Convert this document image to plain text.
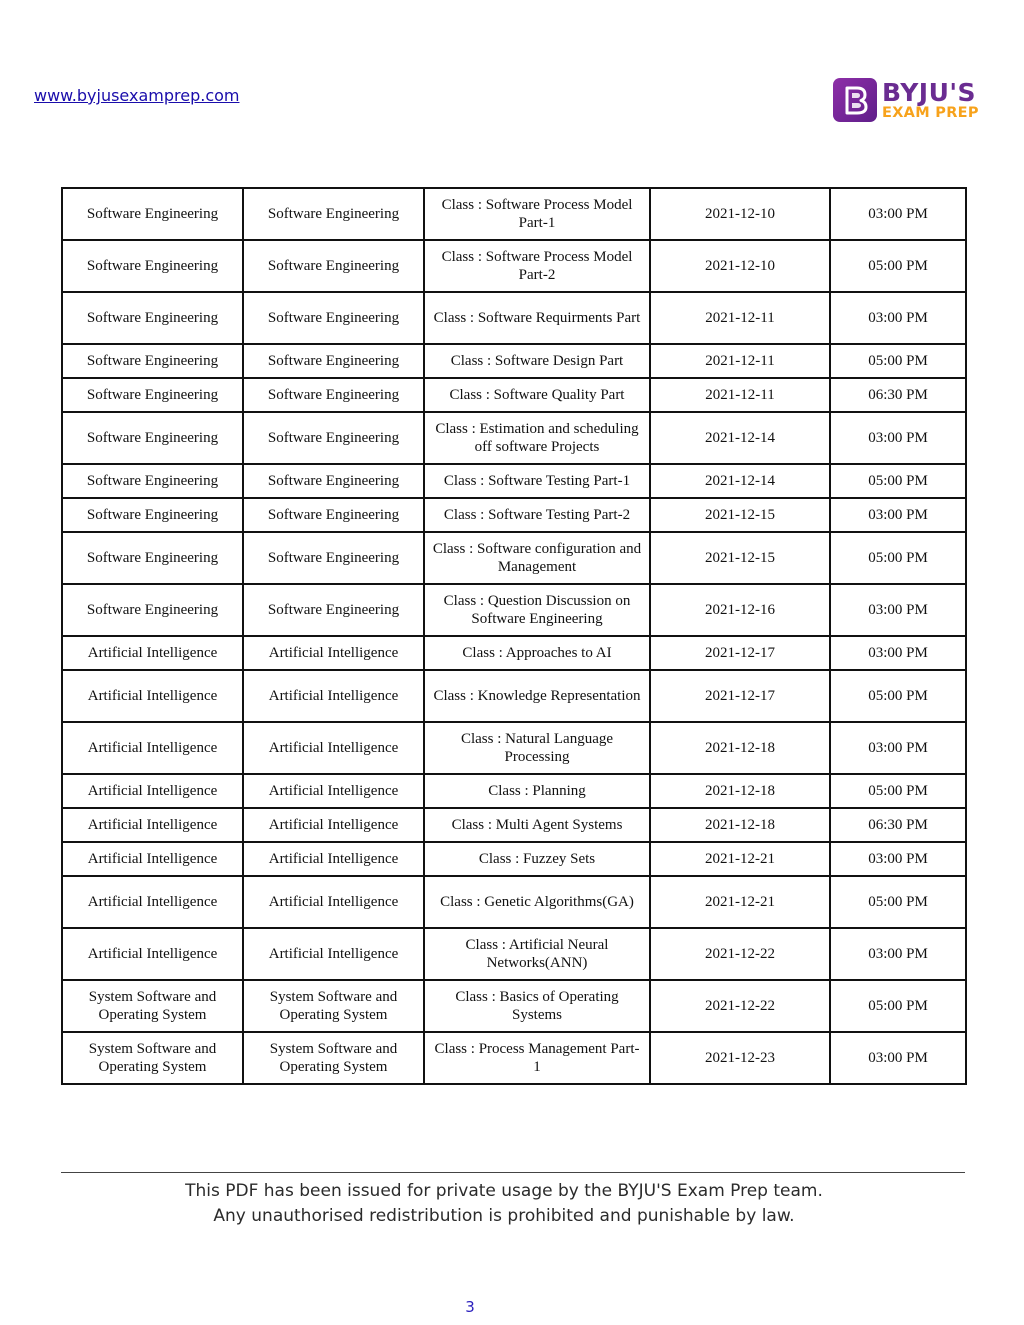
www.byjusexamprep.com	BYJU'S
EXAM PREP
Software Engineering	Software Engineering	Class : Software Process Model Part-1	2021-12-10	03:00 PM
Software Engineering	Software Engineering	Class : Software Process Model Part-2	2021-12-10	05:00 PM
Software Engineering	Software Engineering	Class : Software Requirments Part	2021-12-11	03:00 PM
Software Engineering	Software Engineering	Class : Software Design Part	2021-12-11	05:00 PM
Software Engineering	Software Engineering	Class : Software Quality Part	2021-12-11	06:30 PM
Software Engineering	Software Engineering	Class : Estimation and scheduling off software Projects	2021-12-14	03:00 PM
Software Engineering	Software Engineering	Class : Software Testing Part-1	2021-12-14	05:00 PM
Software Engineering	Software Engineering	Class : Software Testing Part-2	2021-12-15	03:00 PM
Software Engineering	Software Engineering	Class : Software configuration and Management	2021-12-15	05:00 PM
Software Engineering	Software Engineering	Class : Question Discussion on Software Engineering	2021-12-16	03:00 PM
Artificial Intelligence	Artificial Intelligence	Class : Approaches to AI	2021-12-17	03:00 PM
Artificial Intelligence	Artificial Intelligence	Class : Knowledge Representation	2021-12-17	05:00 PM
Artificial Intelligence	Artificial Intelligence	Class : Natural Language Processing	2021-12-18	03:00 PM
Artificial Intelligence	Artificial Intelligence	Class : Planning	2021-12-18	05:00 PM
Artificial Intelligence	Artificial Intelligence	Class : Multi Agent Systems	2021-12-18	06:30 PM
Artificial Intelligence	Artificial Intelligence	Class : Fuzzey Sets	2021-12-21	03:00 PM
Artificial Intelligence	Artificial Intelligence	Class : Genetic Algorithms(GA)	2021-12-21	05:00 PM
Artificial Intelligence	Artificial Intelligence	Class : Artificial Neural Networks(ANN)	2021-12-22	03:00 PM
System Software and Operating System	System Software and Operating System	Class : Basics of Operating Systems	2021-12-22	05:00 PM
System Software and Operating System	System Software and Operating System	Class : Process Management Part-1	2021-12-23	03:00 PM
This PDF has been issued for private usage by the BYJU'S Exam Prep team.
Any unauthorised redistribution is prohibited and punishable by law.
3
